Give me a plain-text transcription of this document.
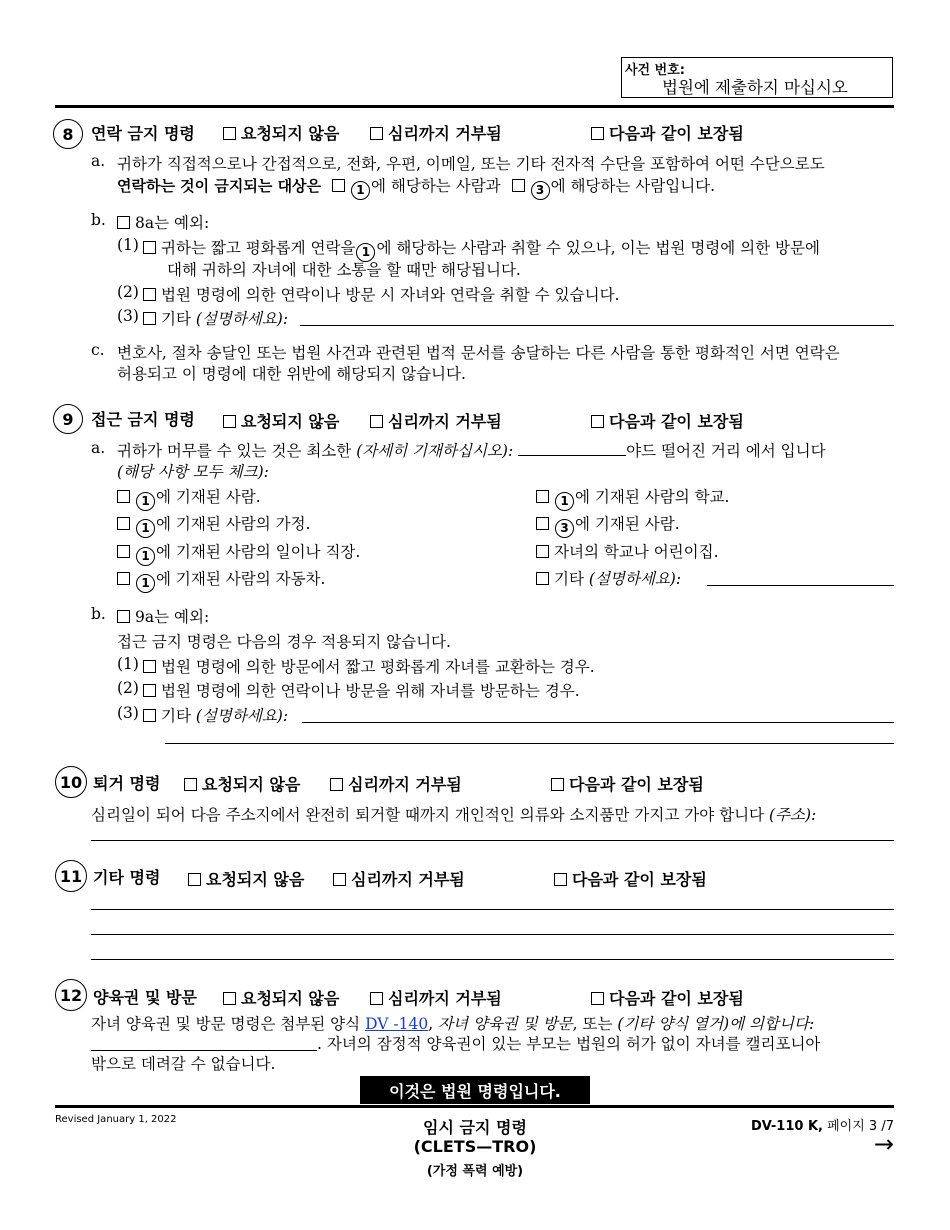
사건 번호:
법원에 제출하지 마십시오
8	연락 금지 명령	요청되지 않음	심리까지 거부됨	다음과 같이 보장됨
a. 귀하가 직접적으로나 간접적으로, 전화, 우편, 이메일, 또는 기타 전자적 수단을 포함하여 어떤 수단으로도
연락하는 것이 금지되는 대상은	1 에 해당하는 사람과	3 에 해당하는 사람입니다.
b.	8a는 예외:
(1)	귀하는 짧고 평화롭게 연락을 1 에 해당하는 사람과 취할 수 있으나, 이는 법원 명령에 의한 방문에
대해 귀하의 자녀에 대한 소통을 할 때만 해당됩니다.
(2)	법원 명령에 의한 연락이나 방문 시 자녀와 연락을 취할 수 있습니다.
(3)	기타 (설명하세요):
c. 변호사, 절차 송달인 또는 법원 사건과 관련된 법적 문서를 송달하는 다른 사람을 통한 평화적인 서면 연락은
허용되고 이 명령에 대한 위반에 해당되지 않습니다.
9	접근 금지 명령	요청되지 않음	심리까지 거부됨	다음과 같이 보장됨
a. 귀하가 머무를 수 있는 것은 최소한 (자세히 기재하십시오):	야드 떨어진 거리 에서 입니다
(해당 사항 모두 체크):
1 에 기재된 사람.
1 에 기재된 사람의 가정.
1 에 기재된 사람의 일이나 직장.
1 에 기재된 사람의 자동차.
1 에 기재된 사람의 학교.
3 에 기재된 사람.
자녀의 학교나 어린이집.
기타 (설명하세요):
b.	9a는 예외:
접근 금지 명령은 다음의 경우 적용되지 않습니다.
(1)	법원 명령에 의한 방문에서 짧고 평화롭게 자녀를 교환하는 경우.
(2)	법원 명령에 의한 연락이나 방문을 위해 자녀를 방문하는 경우.
(3)	기타 (설명하세요):
10 퇴거 명령	요청되지 않음	심리까지 거부됨	다음과 같이 보장됨
심리일이 되어 다음 주소지에서 완전히 퇴거할 때까지 개인적인 의류와 소지품만 가지고 가야 합니다 (주소):
11 기타 명령	요청되지 않음	심리까지 거부됨	다음과 같이 보장됨
12 양육권 및 방문	요청되지 않음	심리까지 거부됨	다음과 같이 보장됨
자녀 양육권 및 방문 명령은 첨부된 양식 DV -140, 자녀 양육권 및 방문, 또는 (기타 양식 열거)에 의합니다:
. 자녀의 잠정적 양육권이 있는 부모는 법원의 허가 없이 자녀를 캘리포니아
밖으로 데려갈 수 없습니다.
이것은 법원 명령입니다.
Revised January 1, 2022	임시 금지 명령
(CLETS—TRO)
(가정 폭력 예방)
DV-110 K, 페이지 3 /7
→
